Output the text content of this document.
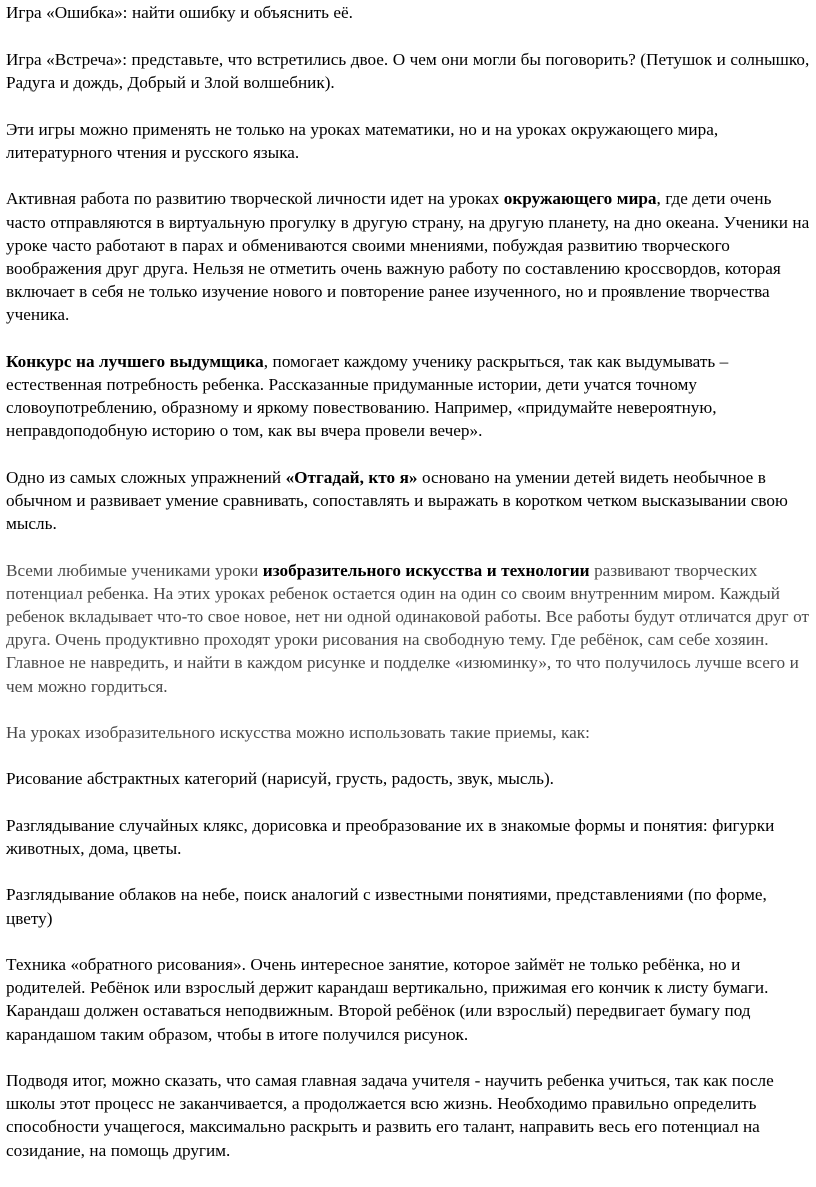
Игра «Ошибка»: найти ошибку и объяснить её.

Игра «Встреча»: представьте, что встретились двое. О чем они могли бы поговорить? (Петушок и солнышко, Радуга и дождь, Добрый и Злой волшебник).

Эти игры можно применять не только на уроках математики, но и на уроках окружающего мира, литературного чтения и русского языка.

Активная работа по развитию творческой личности идет на уроках окружающего мира, где дети очень часто отправляются в виртуальную прогулку в другую страну, на другую планету, на дно океана. Ученики на уроке часто работают в парах и обмениваются своими мнениями, побуждая развитию творческого воображения друг друга. Нельзя не отметить очень важную работу по составлению кроссвордов, которая включает в себя не только изучение нового и повторение ранее изученного, но и проявление творчества ученика.

Конкурс на лучшего выдумщика, помогает каждому ученику раскрыться, так как выдумывать – естественная потребность ребенка. Рассказанные придуманные истории, дети учатся точному словоупотреблению, образному и яркому повествованию. Например, «придумайте невероятную, неправдоподобную историю о том, как вы вчера провели вечер».

Одно из самых сложных упражнений «Отгадай, кто я» основано на умении детей видеть необычное в обычном и развивает умение сравнивать, сопоставлять и выражать в коротком четком высказывании свою мысль.

Всеми любимые учениками уроки изобразительного искусства и технологии развивают творческих потенциал ребенка. На этих уроках ребенок остается один на один со своим внутренним миром. Каждый ребенок вкладывает что-то свое новое, нет ни одной одинаковой работы. Все работы будут отличатся друг от друга. Очень продуктивно проходят уроки рисования на свободную тему. Где ребёнок, сам себе хозяин. Главное не навредить, и найти в каждом рисунке и подделке «изюминку», то что получилось лучше всего и чем можно гордиться.

На уроках изобразительного искусства можно использовать такие приемы, как:

Рисование абстрактных категорий (нарисуй, грусть, радость, звук, мысль).

Разглядывание случайных клякс, дорисовка и преобразование их в знакомые формы и понятия: фигурки животных, дома, цветы.

Разглядывание облаков на небе, поиск аналогий с известными понятиями, представлениями (по форме, цвету)

Техника «обратного рисования». Очень интересное занятие, которое займёт не только ребёнка, но и родителей. Ребёнок или взрослый держит карандаш вертикально, прижимая его кончик к листу бумаги. Карандаш должен оставаться неподвижным. Второй ребёнок (или взрослый) передвигает бумагу под карандашом таким образом, чтобы в итоге получился рисунок.

Подводя итог, можно сказать, что самая главная задача учителя - научить ребенка учиться, так как после школы этот процесс не заканчивается, а продолжается всю жизнь. Необходимо правильно определить способности учащегося, максимально раскрыть и развить его талант, направить весь его потенциал на созидание, на помощь другим.
